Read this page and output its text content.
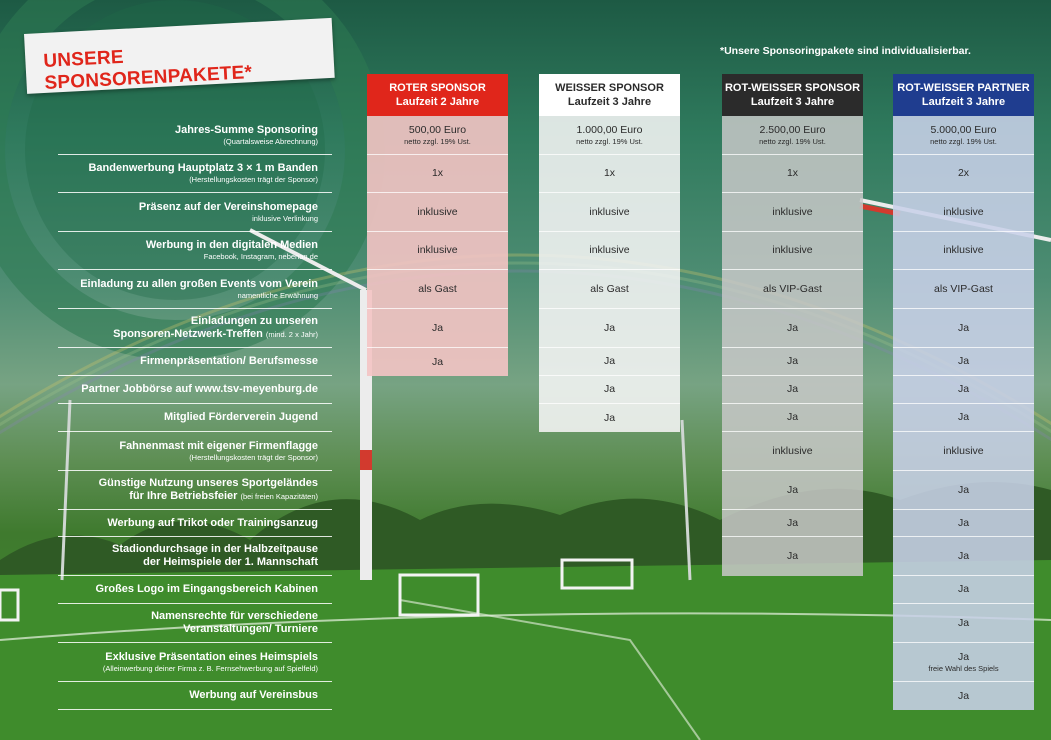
UNSERE SPONSORENPAKETE*
*Unsere Sponsoringpakete sind individualisierbar.
Jahres-Summe Sponsoring
(Quartalsweise Abrechnung)
Bandenwerbung Hauptplatz 3 × 1 m Banden
(Herstellungskosten trägt der Sponsor)
Präsenz auf der Vereinshomepage
inklusive Verlinkung
Werbung in den digitalen Medien
Facebook, Instagram, nebenan.de
Einladung zu allen großen Events vom Verein
namentliche Erwähnung
Einladungen zu unseren
Sponsoren-Netzwerk-Treffen (mind. 2 x Jahr)
Firmenpräsentation/ Berufsmesse
Partner Jobbörse auf www.tsv-meyenburg.de
Mitglied Förderverein Jugend
Fahnenmast mit eigener Firmenflagge
(Herstellungskosten trägt der Sponsor)
Günstige Nutzung unseres Sportgeländes
für Ihre Betriebsfeier (bei freien Kapazitäten)
Werbung auf Trikot oder Trainingsanzug
Stadiondurchsage in der Halbzeitpause
der Heimspiele der 1. Mannschaft
Großes Logo im Eingangsbereich Kabinen
Namensrechte für verschiedene
Veranstaltungen/ Turniere
Exklusive Präsentation eines Heimspiels
(Alleinwerbung deiner Firma z. B. Fernsehwerbung auf Spielfeld)
Werbung auf Vereinsbus
ROTER SPONSOR
Laufzeit 2 Jahre
500,00 Euro
netto zzgl. 19% Ust.
1x
inklusive
inklusive
als Gast
Ja
Ja
WEISSER SPONSOR
Laufzeit 3 Jahre
1.000,00 Euro
netto zzgl. 19% Ust.
1x
inklusive
inklusive
als Gast
Ja
Ja
Ja
Ja
ROT-WEISSER SPONSOR
Laufzeit 3 Jahre
2.500,00 Euro
netto zzgl. 19% Ust.
1x
inklusive
inklusive
als VIP-Gast
Ja
Ja
Ja
Ja
inklusive
Ja
Ja
Ja
ROT-WEISSER PARTNER
Laufzeit 3 Jahre
5.000,00 Euro
netto zzgl. 19% Ust.
2x
inklusive
inklusive
als VIP-Gast
Ja
Ja
Ja
Ja
inklusive
Ja
Ja
Ja
Ja
Ja
Ja
freie Wahl des Spiels
Ja
